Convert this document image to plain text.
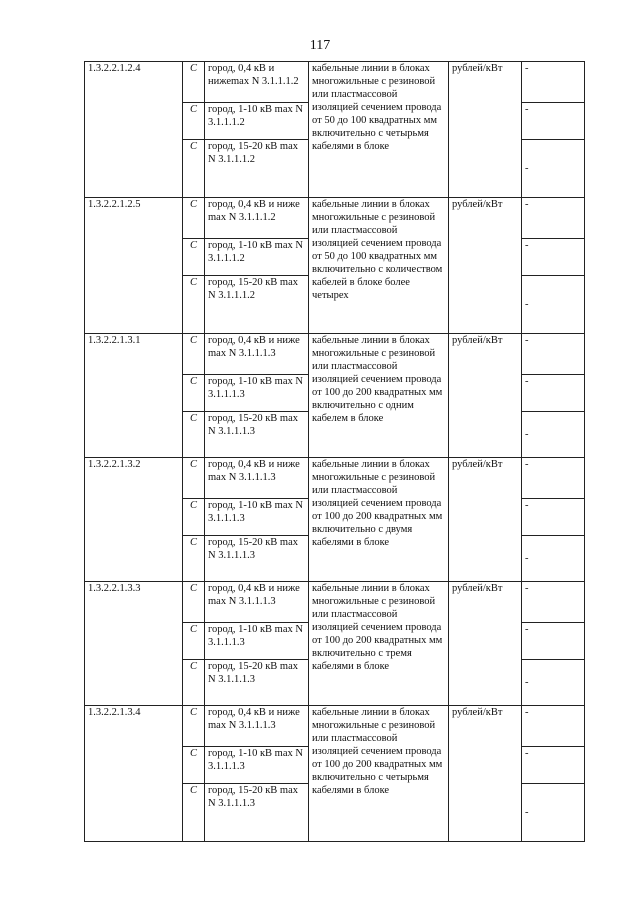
117
1.3.2.2.1.2.4	С	город, 0,4 кВ и нижеmax N 3.1.1.1.2	кабельные линии в блоках многожильные с резиновой или пластмассовой изоляцией сечением провода от 50 до 100 квадратных мм включительно с четырьмя кабелями в блоке	рублей/кВт	-
	С	город, 1-10 кВ max N 3.1.1.1.2			-
	С	город, 15-20 кВ max N 3.1.1.1.2			-
1.3.2.2.1.2.5	С	город, 0,4 кВ и ниже max N 3.1.1.1.2	кабельные линии в блоках многожильные с резиновой или пластмассовой изоляцией сечением провода от 50 до 100 квадратных мм включительно с количеством кабелей в блоке более четырех	рублей/кВт	-
	С	город, 1-10 кВ max N 3.1.1.1.2			-
	С	город, 15-20 кВ max N 3.1.1.1.2			-
1.3.2.2.1.3.1	С	город, 0,4 кВ и ниже max N 3.1.1.1.3	кабельные линии в блоках многожильные с резиновой или пластмассовой изоляцией сечением провода от 100 до 200 квадратных мм включительно с одним кабелем в блоке	рублей/кВт	-
	С	город, 1-10 кВ max N 3.1.1.1.3			-
	С	город, 15-20 кВ max N 3.1.1.1.3			-
1.3.2.2.1.3.2	С	город, 0,4 кВ и ниже max N 3.1.1.1.3	кабельные линии в блоках многожильные с резиновой или пластмассовой изоляцией сечением провода от 100 до 200 квадратных мм включительно с двумя кабелями в блоке	рублей/кВт	-
	С	город, 1-10 кВ max N 3.1.1.1.3			-
	С	город, 15-20 кВ max N 3.1.1.1.3			-
1.3.2.2.1.3.3	С	город, 0,4 кВ и ниже max N 3.1.1.1.3	кабельные линии в блоках многожильные с резиновой или пластмассовой изоляцией сечением провода от 100 до 200 квадратных мм включительно с тремя кабелями в блоке	рублей/кВт	-
	С	город, 1-10 кВ max N 3.1.1.1.3			-
	С	город, 15-20 кВ max N 3.1.1.1.3			-
1.3.2.2.1.3.4	С	город, 0,4 кВ и ниже max N 3.1.1.1.3	кабельные линии в блоках многожильные с резиновой или пластмассовой изоляцией сечением провода от 100 до 200 квадратных мм включительно с четырьмя кабелями в блоке	рублей/кВт	-
	С	город, 1-10 кВ max N 3.1.1.1.3			-
	С	город, 15-20 кВ max N 3.1.1.1.3			-
